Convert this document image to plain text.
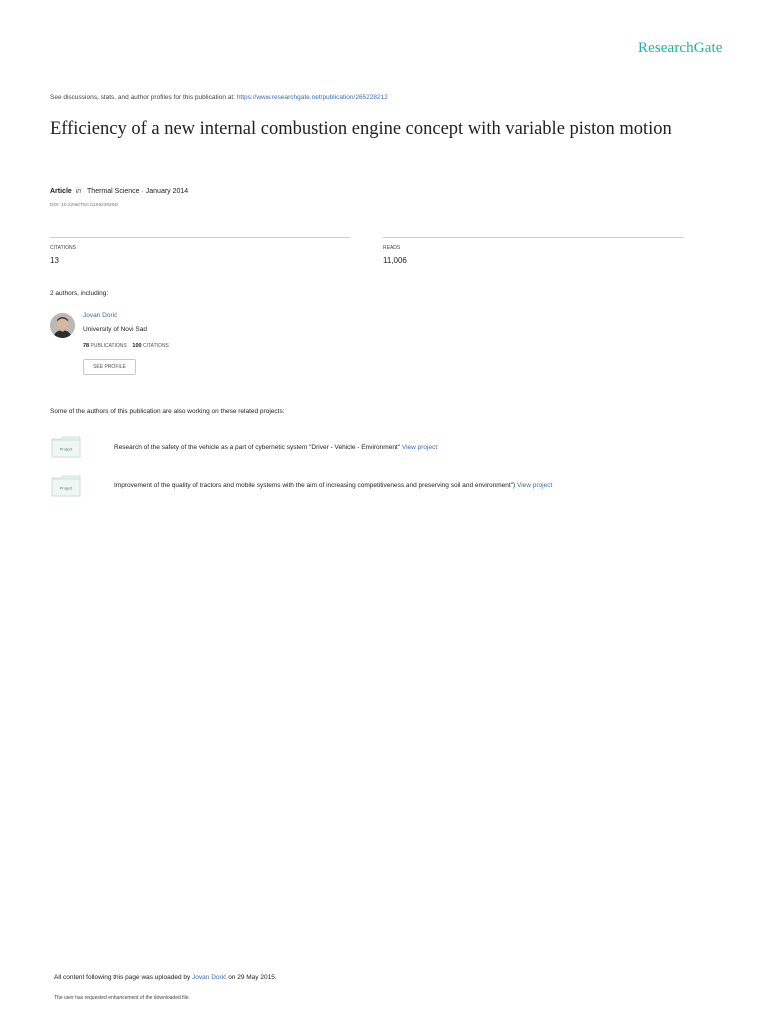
ResearchGate
See discussions, stats, and author profiles for this publication at: https://www.researchgate.net/publication/265228212
Efficiency of a new internal combustion engine concept with variable piston motion
Article in Thermal Science · January 2014
DOI: 10.2298/TSCI110923020D
CITATIONS
13
READS
11,006
2 authors, including:
Jovan Dorić
University of Novi Sad
78 PUBLICATIONS 100 CITATIONS
SEE PROFILE
Some of the authors of this publication are also working on these related projects:
Project	Research of the safety of the vehicle as a part of cybernetic system "Driver - Vehicle - Environment" View project
Project	Improvement of the quality of tractors and mobile systems with the aim of increasing competitiveness and preserving soil and environment") View project
All content following this page was uploaded by Jovan Dorić on 29 May 2015.
The user has requested enhancement of the downloaded file.
